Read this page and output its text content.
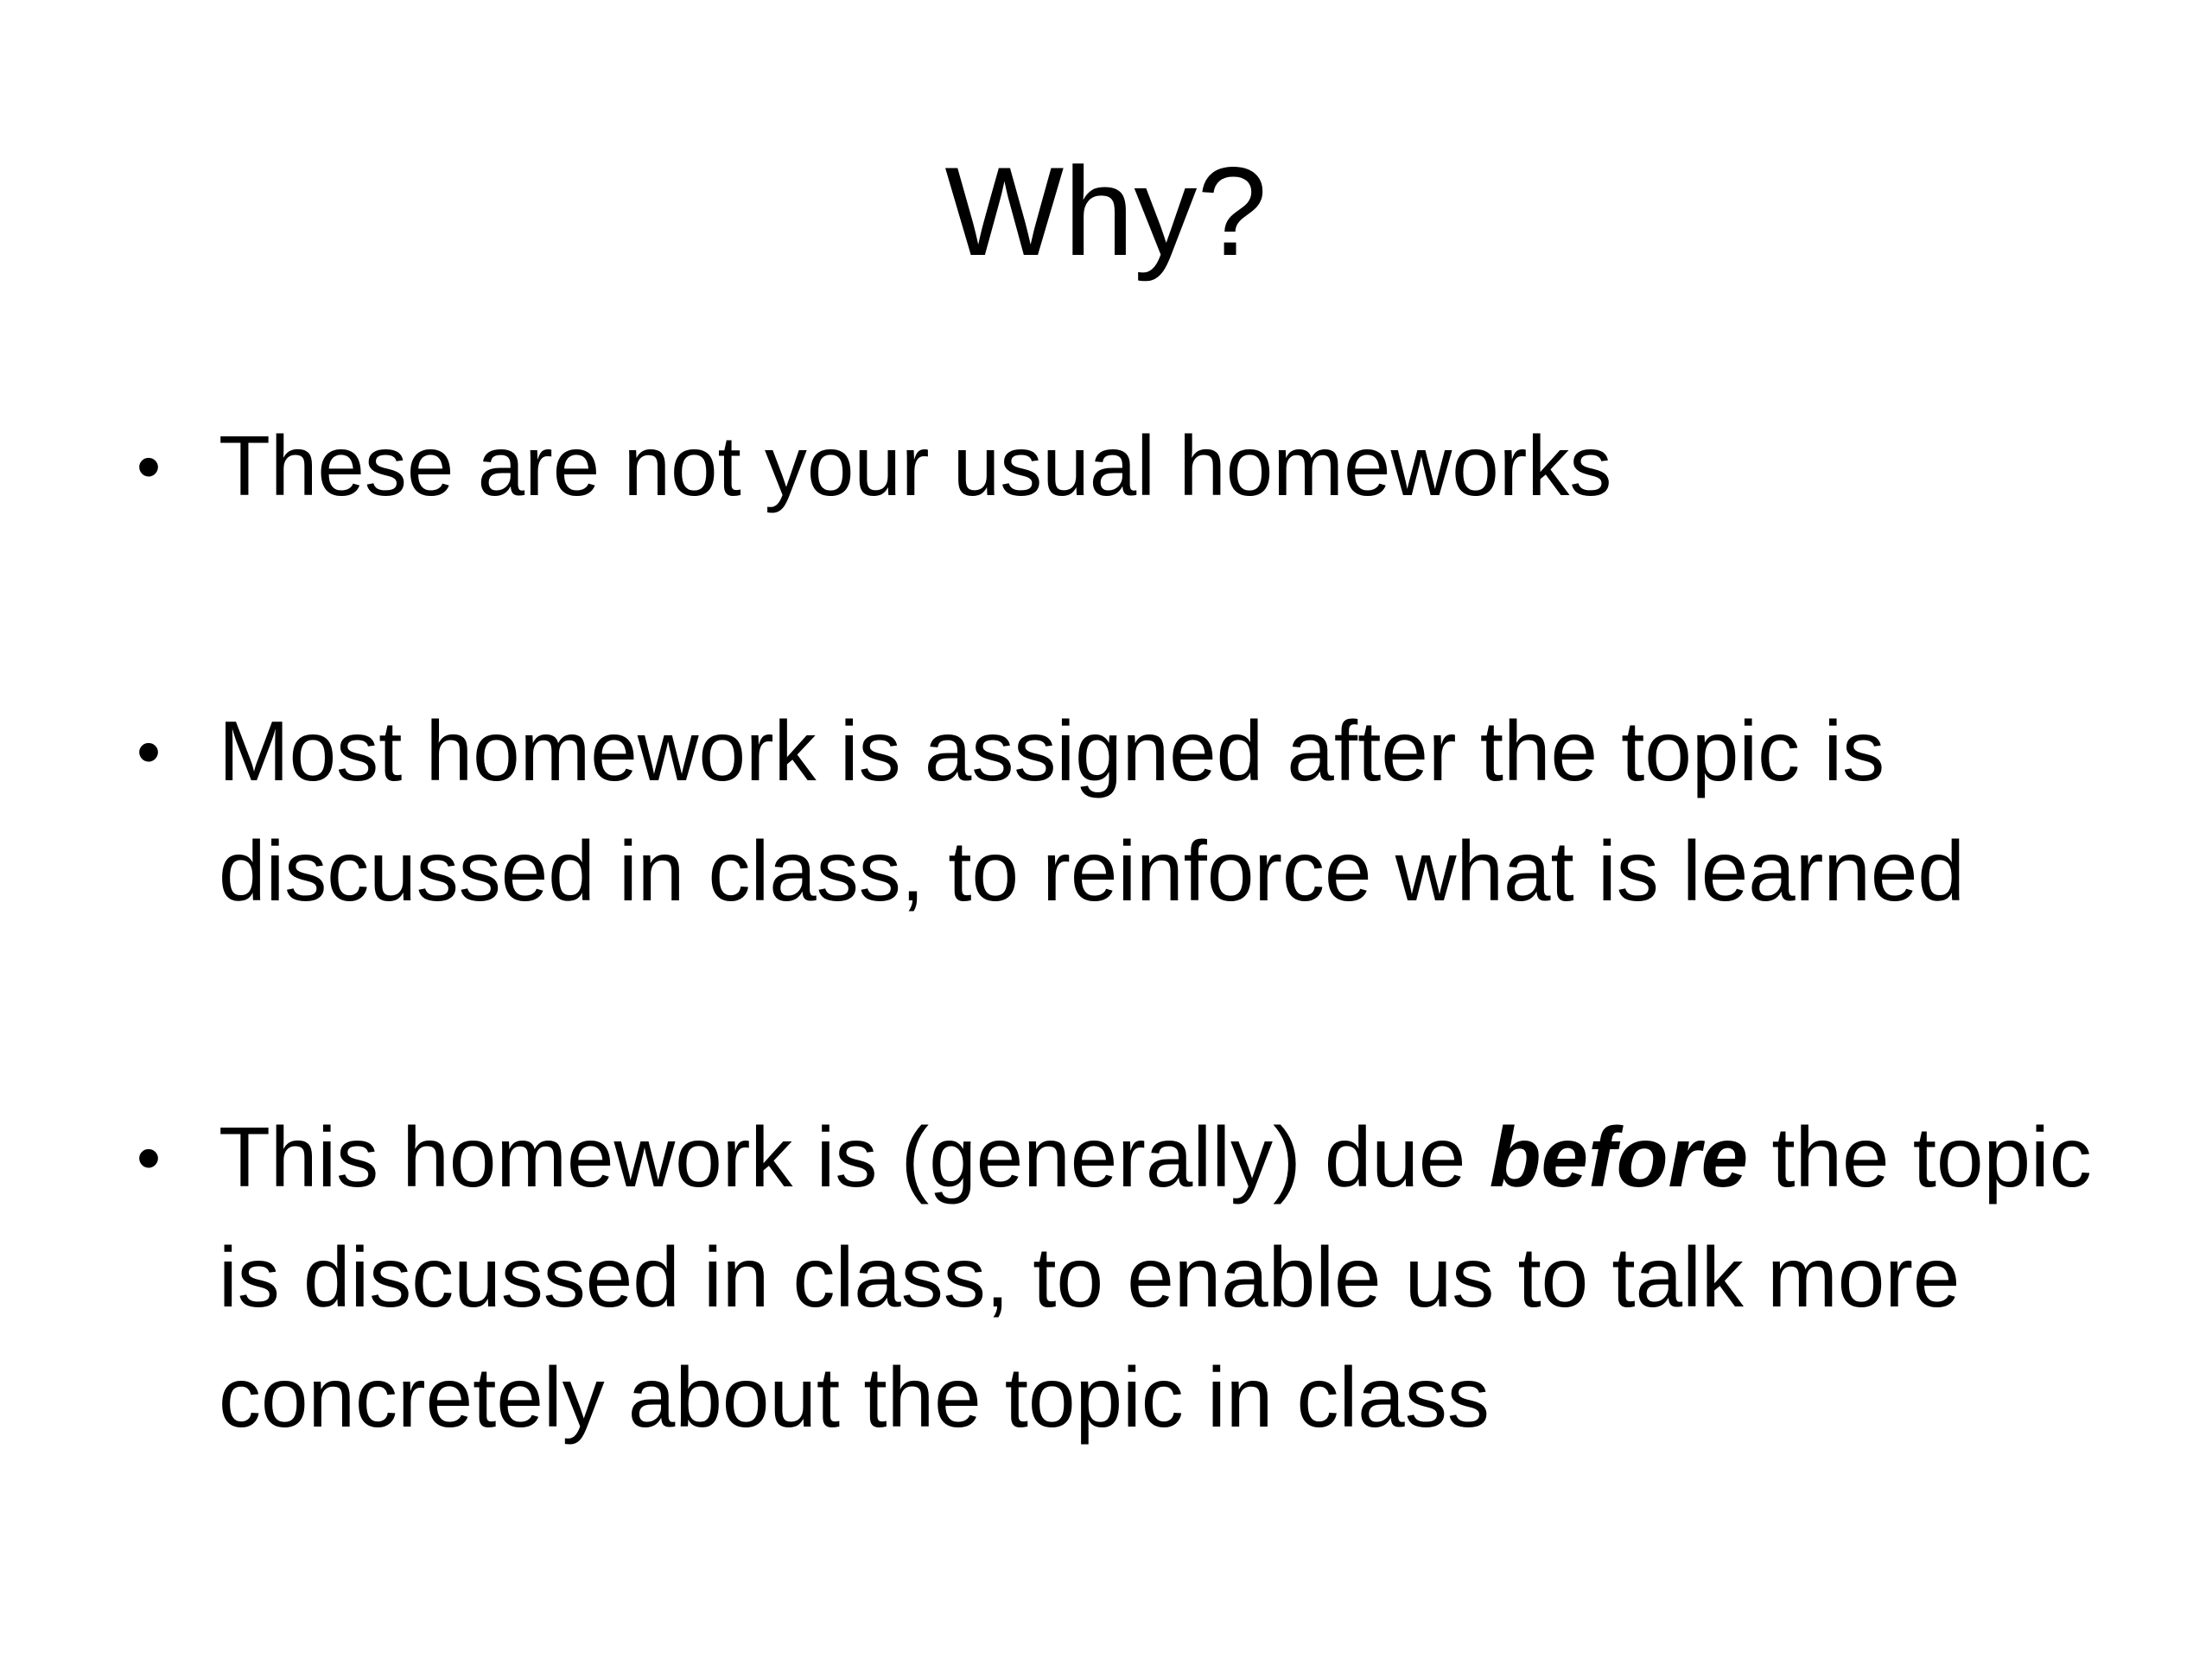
Why?
• These are not your usual homeworks
• Most homework is assigned after the topic is discussed in class, to reinforce what is learned
• This homework is (generally) due before the topic is discussed in class, to enable us to talk more concretely about the topic in class
